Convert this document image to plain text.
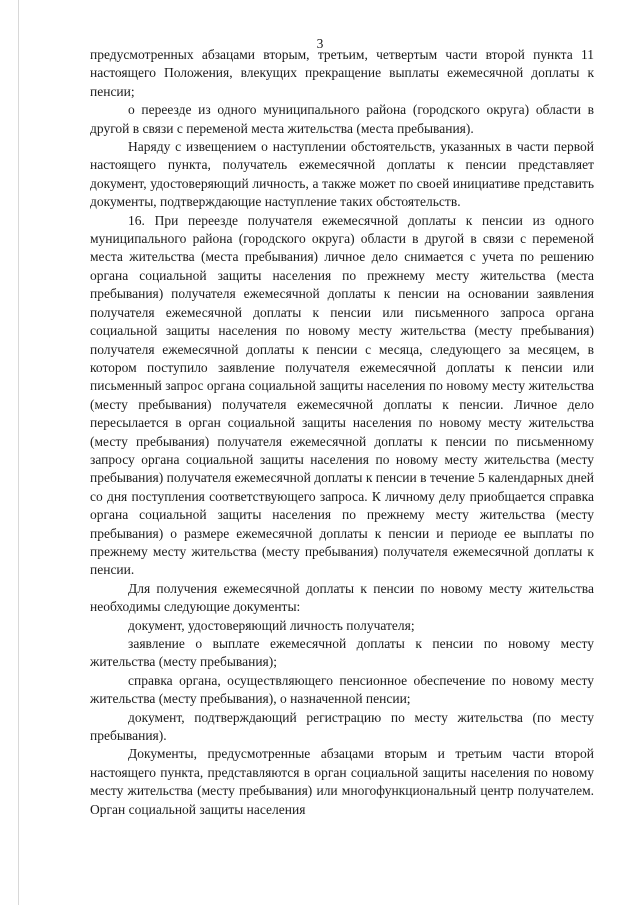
3

предусмотренных абзацами вторым, третьим, четвертым части второй пункта 11 настоящего Положения, влекущих прекращение выплаты ежемесячной доплаты к пенсии;

о переезде из одного муниципального района (городского округа) области в другой в связи с переменой места жительства (места пребывания).

Наряду с извещением о наступлении обстоятельств, указанных в части первой настоящего пункта, получатель ежемесячной доплаты к пенсии представляет документ, удостоверяющий личность, а также может по своей инициативе представить документы, подтверждающие наступление таких обстоятельств.

16. При переезде получателя ежемесячной доплаты к пенсии из одного муниципального района (городского округа) области в другой в связи с переменой места жительства (места пребывания) личное дело снимается с учета по решению органа социальной защиты населения по прежнему месту жительства (места пребывания) получателя ежемесячной доплаты к пенсии на основании заявления получателя ежемесячной доплаты к пенсии или письменного запроса органа социальной защиты населения по новому месту жительства (месту пребывания) получателя ежемесячной доплаты к пенсии с месяца, следующего за месяцем, в котором поступило заявление получателя ежемесячной доплаты к пенсии или письменный запрос органа социальной защиты населения по новому месту жительства (месту пребывания) получателя ежемесячной доплаты к пенсии. Личное дело пересылается в орган социальной защиты населения по новому месту жительства (месту пребывания) получателя ежемесячной доплаты к пенсии по письменному запросу органа социальной защиты населения по новому месту жительства (месту пребывания) получателя ежемесячной доплаты к пенсии в течение 5 календарных дней со дня поступления соответствующего запроса. К личному делу приобщается справка органа социальной защиты населения по прежнему месту жительства (месту пребывания) о размере ежемесячной доплаты к пенсии и периоде ее выплаты по прежнему месту жительства (месту пребывания) получателя ежемесячной доплаты к пенсии.

Для получения ежемесячной доплаты к пенсии по новому месту жительства необходимы следующие документы:

документ, удостоверяющий личность получателя;

заявление о выплате ежемесячной доплаты к пенсии по новому месту жительства (месту пребывания);

справка органа, осуществляющего пенсионное обеспечение по новому месту жительства (месту пребывания), о назначенной пенсии;

документ, подтверждающий регистрацию по месту жительства (по месту пребывания).

Документы, предусмотренные абзацами вторым и третьим части второй настоящего пункта, представляются в орган социальной защиты населения по новому месту жительства (месту пребывания) или многофункциональный центр получателем. Орган социальной защиты населения
